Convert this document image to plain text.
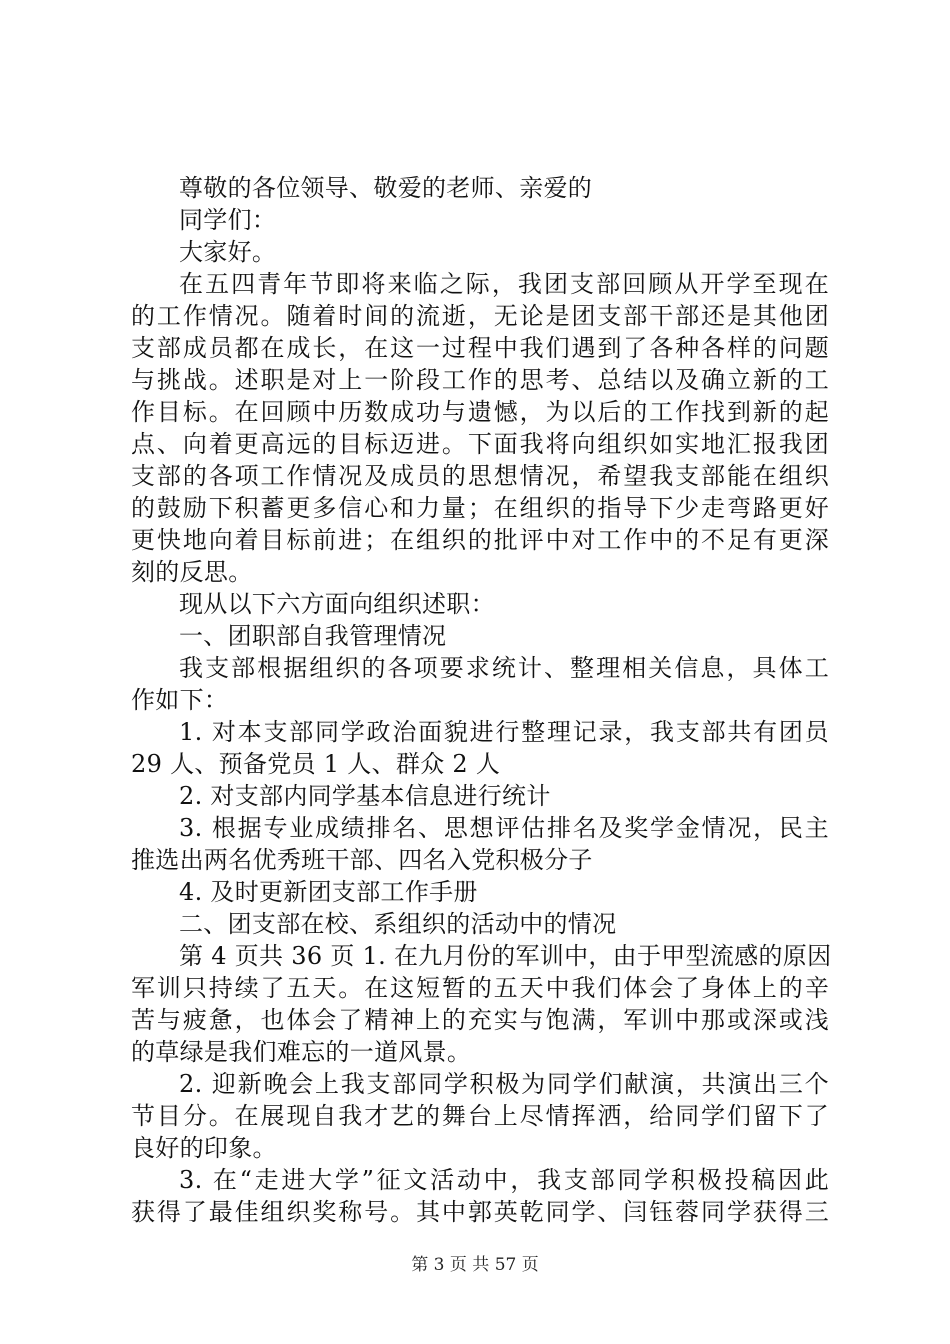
尊敬的各位领导、敬爱的老师、亲爱的
同学们：
大家好。
在五四青年节即将来临之际，我团支部回顾从开学至现在
的工作情况。随着时间的流逝，无论是团支部干部还是其他团
支部成员都在成长，在这一过程中我们遇到了各种各样的问题
与挑战。述职是对上一阶段工作的思考、总结以及确立新的工
作目标。在回顾中历数成功与遗憾，为以后的工作找到新的起
点、向着更高远的目标迈进。下面我将向组织如实地汇报我团
支部的各项工作情况及成员的思想情况，希望我支部能在组织
的鼓励下积蓄更多信心和力量；在组织的指导下少走弯路更好
更快地向着目标前进；在组织的批评中对工作中的不足有更深
刻的反思。
现从以下六方面向组织述职：
一、团职部自我管理情况
我支部根据组织的各项要求统计、整理相关信息，具体工
作如下：
1. 对本支部同学政治面貌进行整理记录，我支部共有团员
29 人、预备党员 1 人、群众 2 人
2. 对支部内同学基本信息进行统计
3. 根据专业成绩排名、思想评估排名及奖学金情况，民主
推选出两名优秀班干部、四名入党积极分子
4. 及时更新团支部工作手册
二、团支部在校、系组织的活动中的情况
第 4 页共 36 页 1. 在九月份的军训中，由于甲型流感的原因
军训只持续了五天。在这短暂的五天中我们体会了身体上的辛
苦与疲惫，也体会了精神上的充实与饱满，军训中那或深或浅
的草绿是我们难忘的一道风景。
2. 迎新晚会上我支部同学积极为同学们献演，共演出三个
节目分。在展现自我才艺的舞台上尽情挥洒，给同学们留下了
良好的印象。
3. 在“走进大学”征文活动中，我支部同学积极投稿因此
获得了最佳组织奖称号。其中郭英乾同学、闫钰蓉同学获得三
第 3 页 共 57 页
